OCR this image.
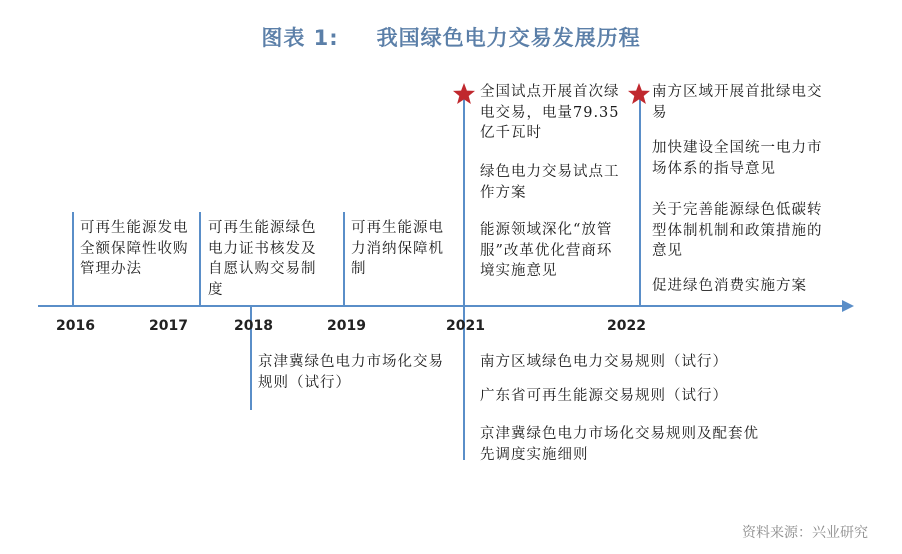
图表 1: 我国绿色电力交易发展历程
2016	2017	2018	2019	2021	2022
可再生能源发电全额保障性收购管理办法
可再生能源绿色电力证书核发及自愿认购交易制度
可再生能源电力消纳保障机制
全国试点开展首次绿电交易，电量79.35亿千瓦时
绿色电力交易试点工作方案
能源领域深化“放管服”改革优化营商环境实施意见
南方区域开展首批绿电交易
加快建设全国统一电力市场体系的指导意见
关于完善能源绿色低碳转型体制机制和政策措施的意见
促进绿色消费实施方案
京津冀绿色电力市场化交易规则（试行）
南方区域绿色电力交易规则（试行）
广东省可再生能源交易规则（试行）
京津冀绿色电力市场化交易规则及配套优先调度实施细则
资料来源：兴业研究
